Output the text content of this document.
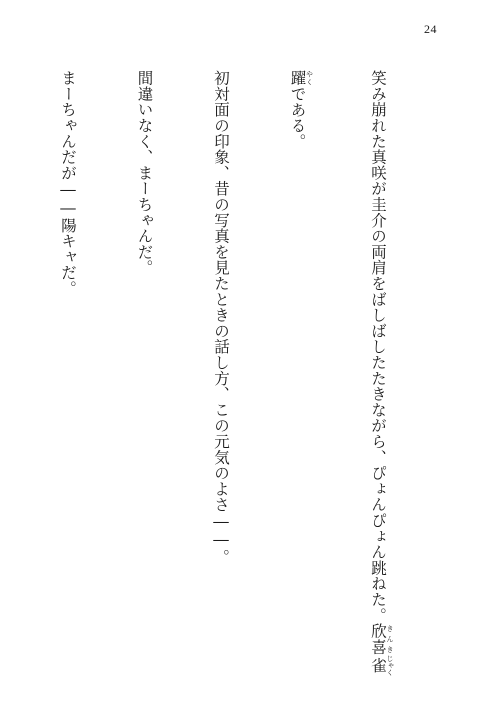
24

笑み崩れた真咲が圭介の両肩をばしばしたたきながら、ぴょんぴょん跳ねた。欣喜 きんき雀 じゃく

躍 やくである。

初対面の印象、昔の写真を見たときの話し方、この元気のよさ――。

間違いなく、まーちゃんだ。

まーちゃんだが――陽キャだ。
